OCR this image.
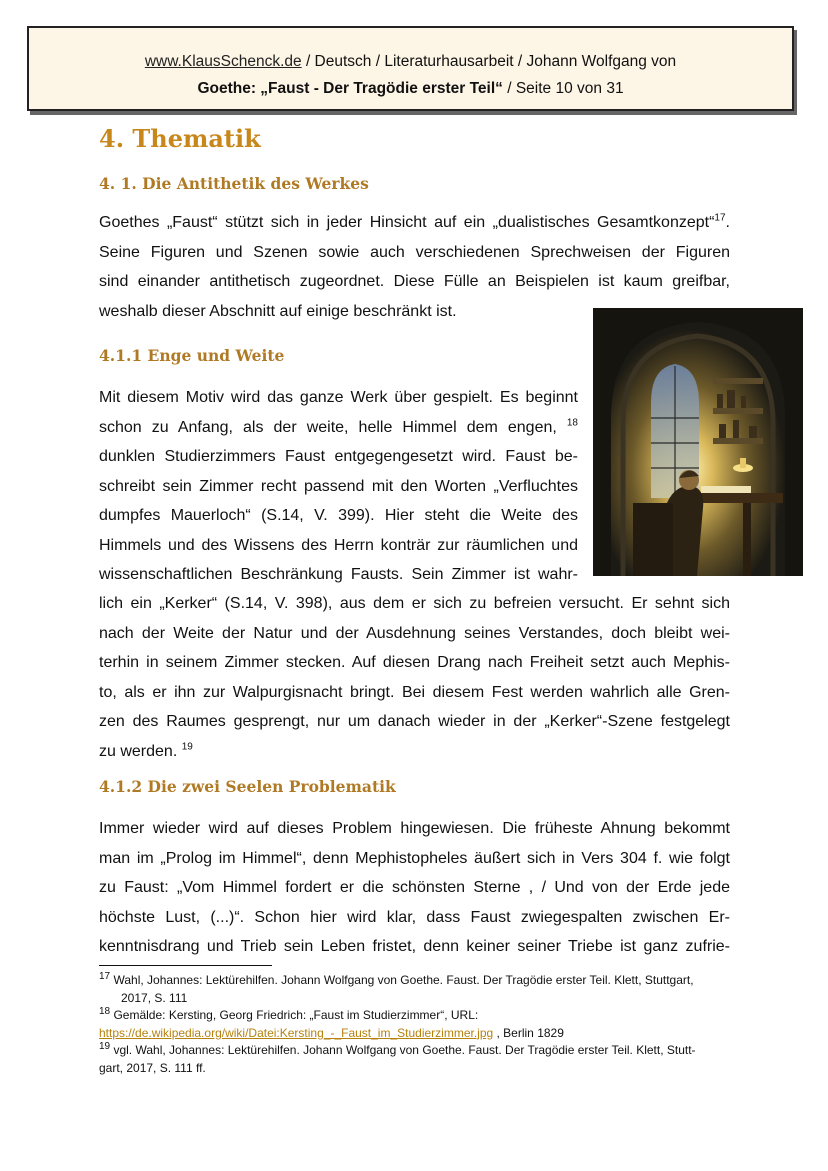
www.KlausSchenck.de / Deutsch / Literaturhausarbeit / Johann Wolfgang von
Goethe: „Faust - Der Tragödie erster Teil“ / Seite 10 von 31
4. Thematik
4. 1. Die Antithetik des Werkes
Goethes „Faust“ stützt sich in jeder Hinsicht auf ein „dualistisches Gesamtkonzept“$^{17}$.
Seine Figuren und Szenen sowie auch verschiedenen Sprechweisen der Figuren
sind einander antithetisch zugeordnet. Diese Fülle an Beispielen ist kaum greifbar,
weshalb dieser Abschnitt auf einige beschränkt ist.
4.1.1 Enge und Weite
Mit diesem Motiv wird das ganze Werk über gespielt. Es beginnt
schon zu Anfang, als der weite, helle Himmel dem engen, $^{18}$
dunklen Studierzimmers Faust entgegengesetzt wird. Faust be-
schreibt sein Zimmer recht passend mit den Worten „Verfluchtes
dumpfes Mauerloch“ (S.14, V. 399). Hier steht die Weite des
Himmels und des Wissens des Herrn konträr zur räumlichen und
wissenschaftlichen Beschränkung Fausts. Sein Zimmer ist wahr-
lich ein „Kerker“ (S.14, V. 398), aus dem er sich zu befreien versucht. Er sehnt sich
nach der Weite der Natur und der Ausdehnung seines Verstandes, doch bleibt wei-
terhin in seinem Zimmer stecken. Auf diesen Drang nach Freiheit setzt auch Mephis-
to, als er ihn zur Walpurgisnacht bringt. Bei diesem Fest werden wahrlich alle Gren-
zen des Raumes gesprengt, nur um danach wieder in der „Kerker“-Szene festgelegt
zu werden. $^{19}$
4.1.2 Die zwei Seelen Problematik
Immer wieder wird auf dieses Problem hingewiesen. Die früheste Ahnung bekommt
man im „Prolog im Himmel“, denn Mephistopheles äußert sich in Vers 304 f. wie folgt
zu Faust: „Vom Himmel fordert er die schönsten Sterne , / Und von der Erde jede
höchste Lust, (...)“. Schon hier wird klar, dass Faust zwiegespalten zwischen Er-
kenntnisdrang und Trieb sein Leben fristet, denn keiner seiner Triebe ist ganz zufrie-
$^{17}$ Wahl, Johannes: Lektürehilfen. Johann Wolfgang von Goethe. Faust. Der Tragödie erster Teil. Klett, Stuttgart,
2017, S. 111
$^{18}$ Gemälde: Kersting, Georg Friedrich: „Faust im Studierzimmer“, URL:
https://de.wikipedia.org/wiki/Datei:Kersting_-_Faust_im_Studierzimmer.jpg , Berlin 1829
$^{19}$ vgl. Wahl, Johannes: Lektürehilfen. Johann Wolfgang von Goethe. Faust. Der Tragödie erster Teil. Klett, Stutt-
gart, 2017, S. 111 ff.
